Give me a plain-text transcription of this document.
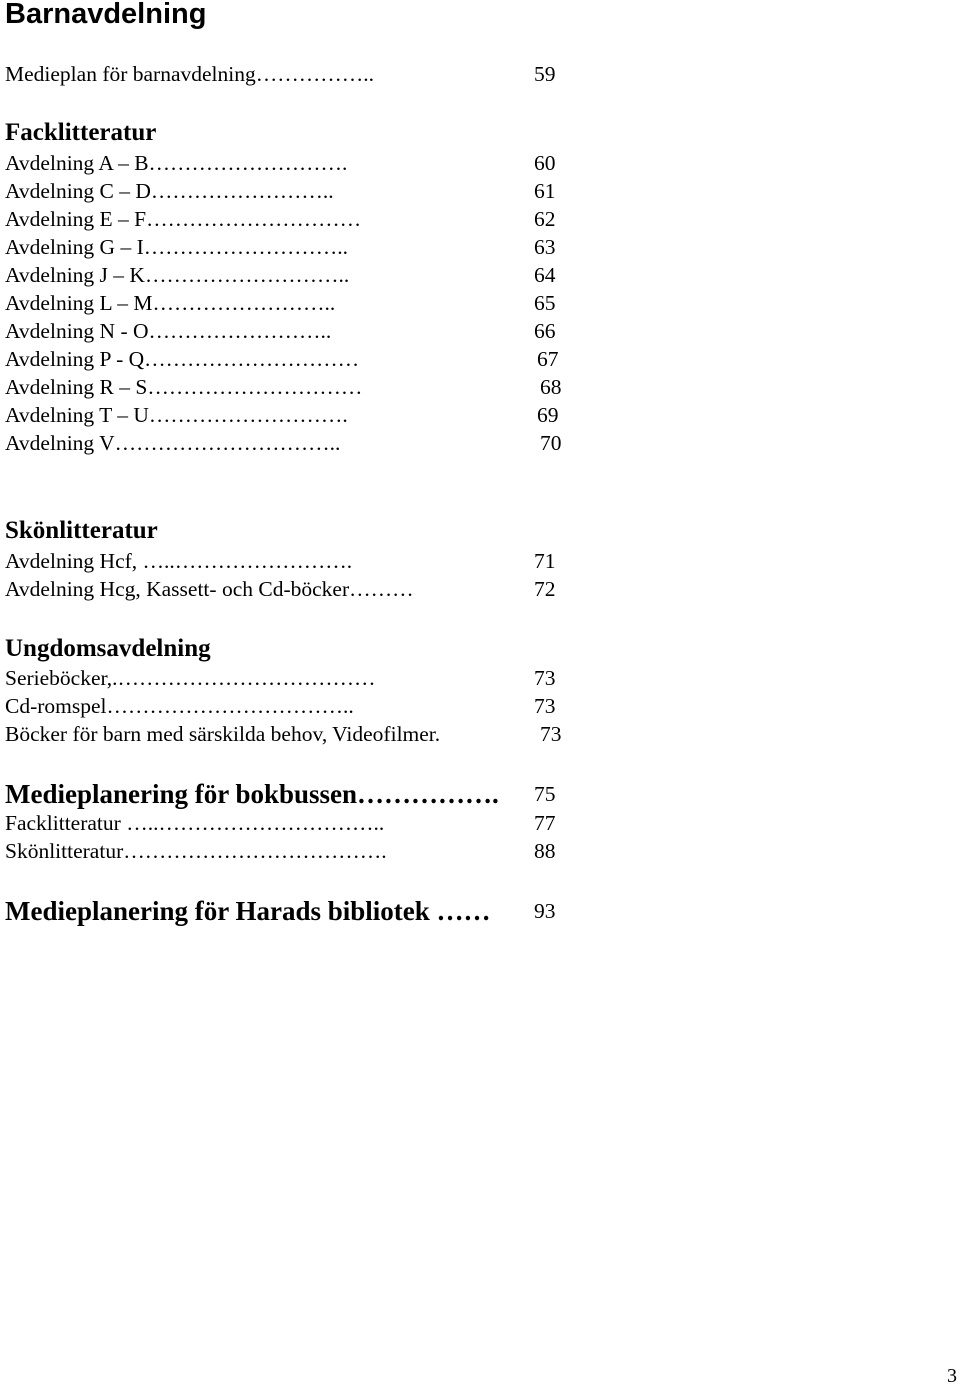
Barnavdelning
Medieplan för barnavdelning……………..	59
Facklitteratur
Avdelning A – B……………………….	60
Avdelning C – D……………………..	61
Avdelning E – F…………………………	62
Avdelning G – I………………………..	63
Avdelning J – K………………………..	64
Avdelning L – M……………………..	65
Avdelning N - O……………………..	66
Avdelning P - Q…………………………	67
Avdelning R – S…………………………	68
Avdelning T – U……………………….	69
Avdelning V…………………………..	70
Skönlitteratur
Avdelning Hcf, …..…………………….	71
Avdelning Hcg, Kassett- och Cd-böcker………	72
Ungdomsavdelning
Serieböcker,.………………………………	73
Cd-romspel……………………………..	73
Böcker för barn med särskilda behov, Videofilmer.	73
Medieplanering för bokbussen……………. 75
Facklitteratur …..…………………………..	77
Skönlitteratur……………………………….	88
Medieplanering för Harads bibliotek …… 93
3
